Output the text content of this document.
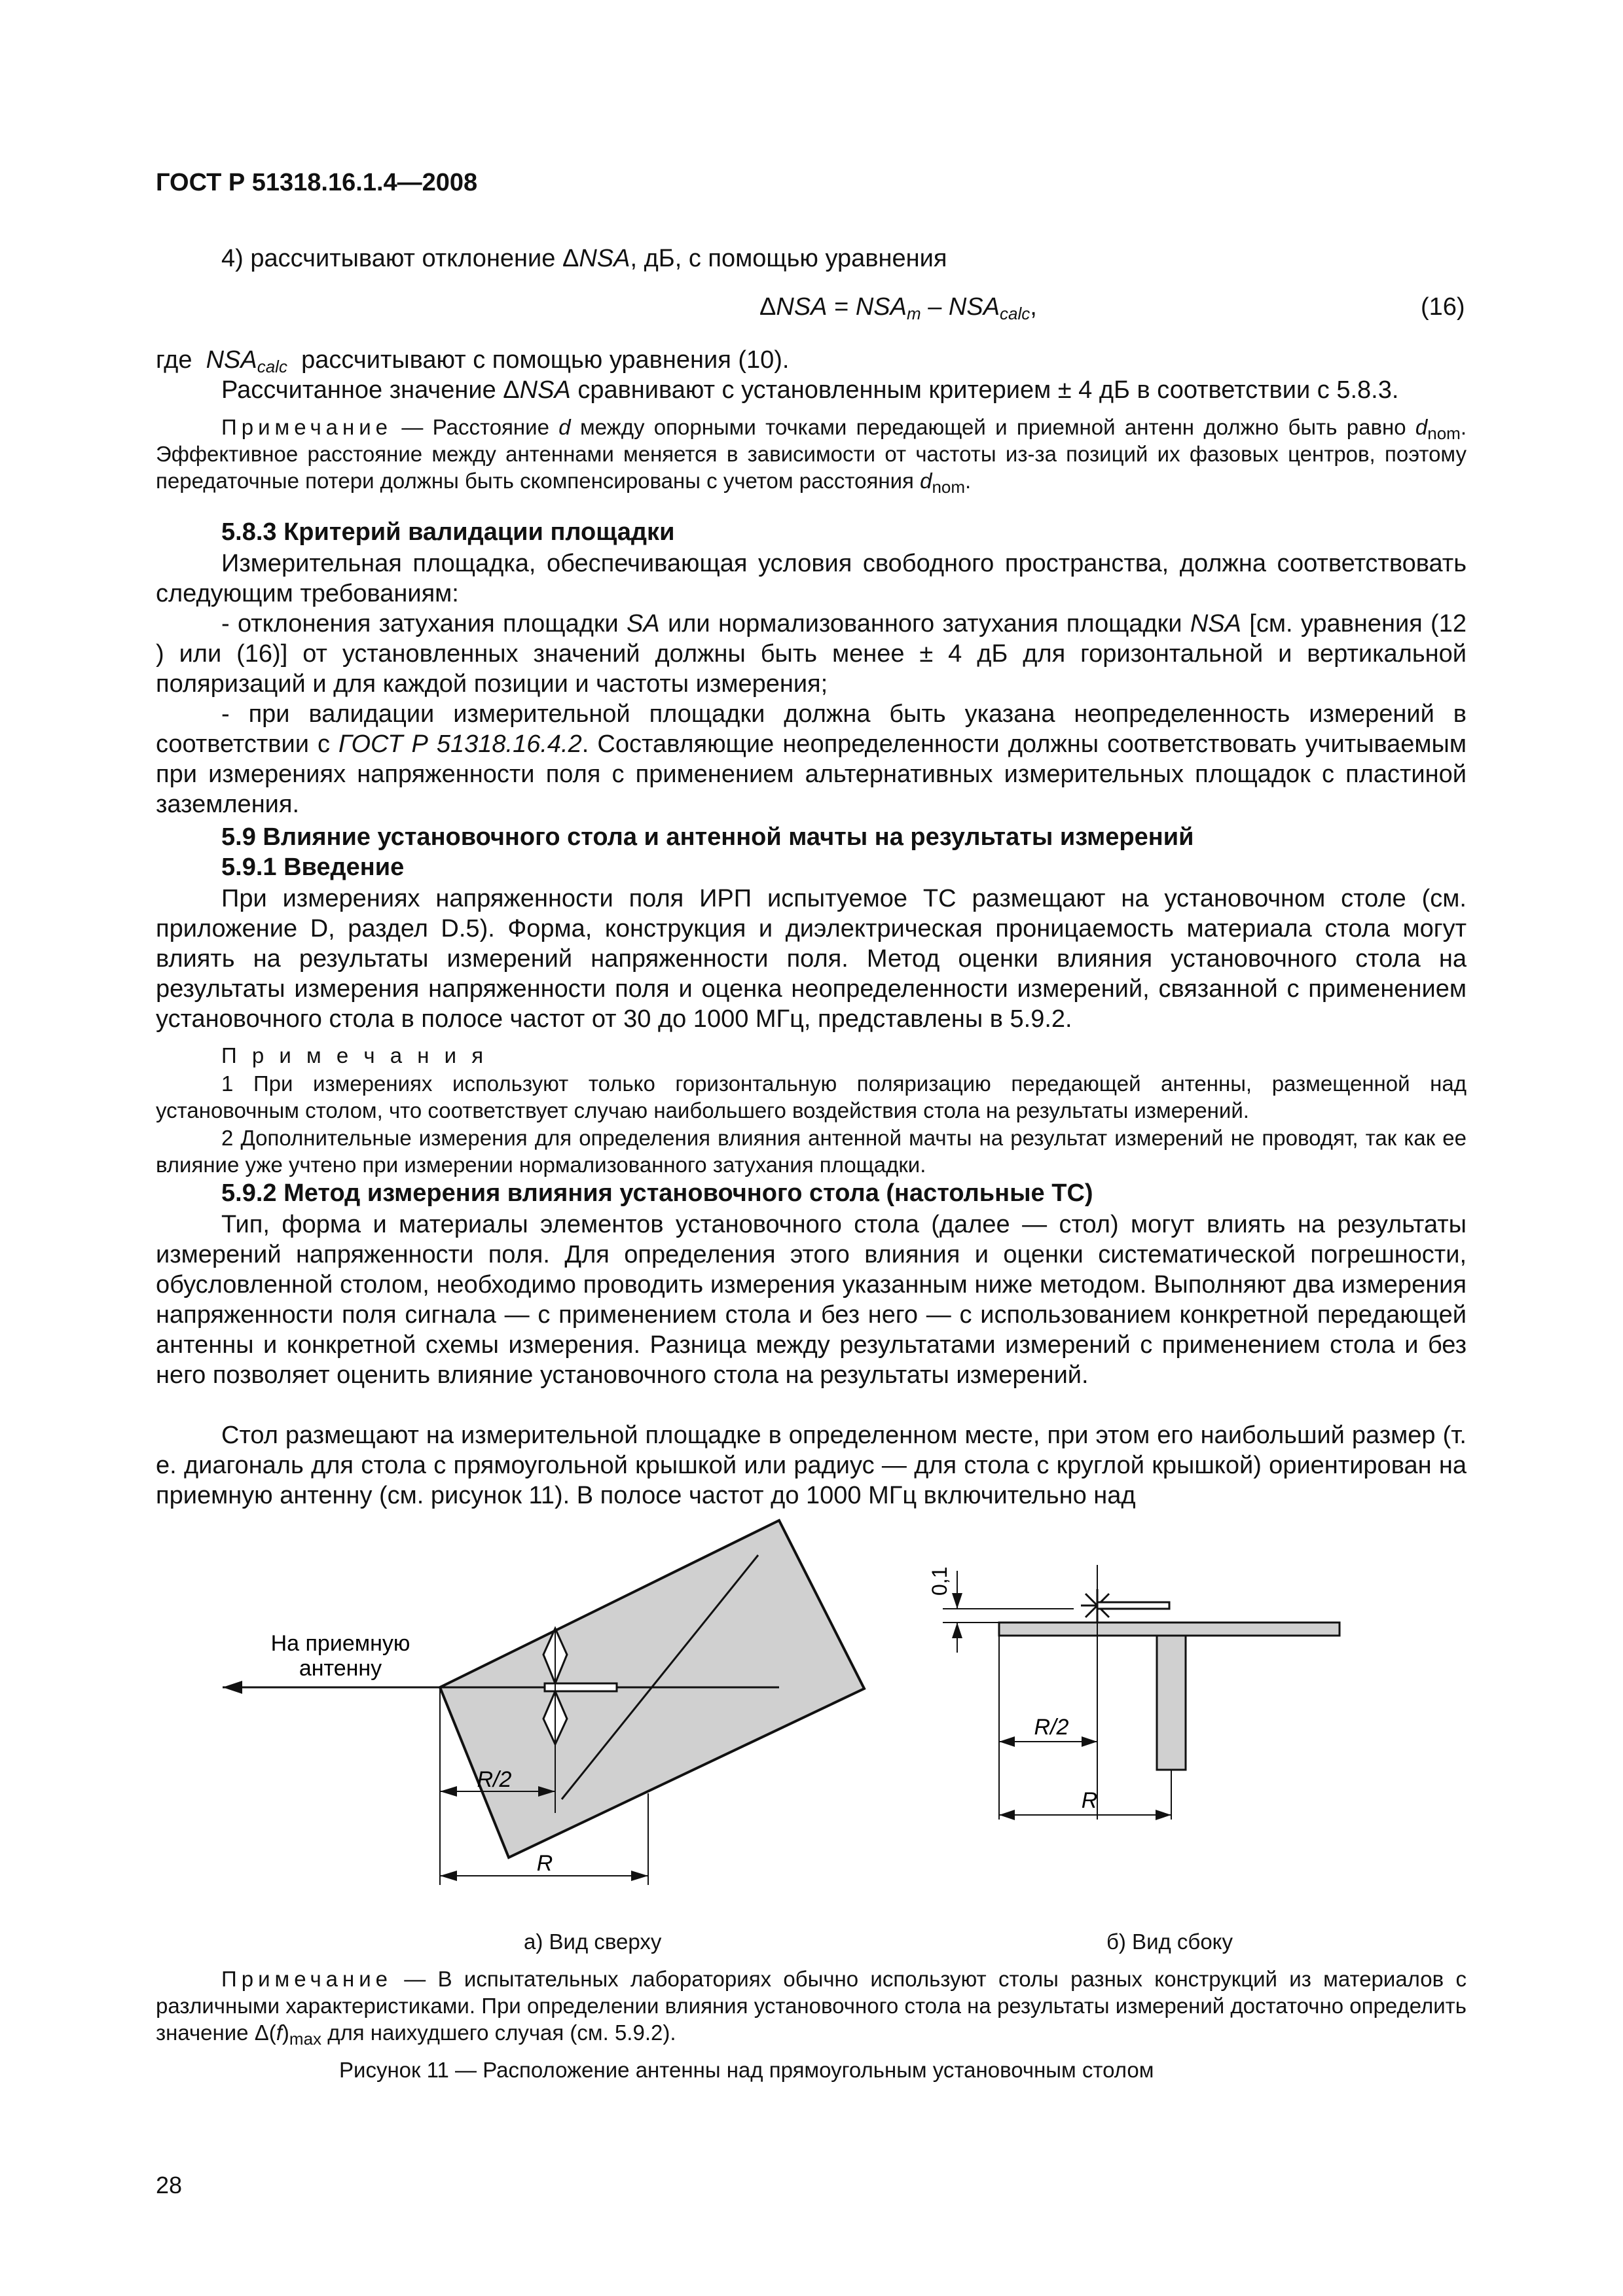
ГОСТ Р 51318.16.1.4—2008
4) рассчитывают отклонение ΔNSA, дБ, с помощью уравнения
$\Delta NSA = NSA_m - NSA_{calc}$,	(16)
где  $NSA_{calc}$  рассчитывают с помощью уравнения (10).
Рассчитанное значение ΔNSA сравнивают с установленным критерием ± 4 дБ в соответствии с 5.8.3.
Примечание — Расстояние d между опорными точками передающей и приемной антенн должно быть равно $d_{nom}$. Эффективное расстояние между антеннами меняется в зависимости от частоты из-за позиций их фазовых центров, поэтому передаточные потери должны быть скомпенсированы с учетом расстояния $d_{nom}$.
5.8.3 Критерий валидации площадки
Измерительная площадка, обеспечивающая условия свободного пространства, должна соответствовать следующим требованиям:
- отклонения затухания площадки SA или нормализованного затухания площадки NSA [см. уравнения (12 ) или (16)] от установленных значений должны быть менее ± 4 дБ для горизонтальной и вертикальной поляризаций и для каждой позиции и частоты измерения;
- при валидации измерительной площадки должна быть указана неопределенность измерений в соответствии с ГОСТ Р 51318.16.4.2. Составляющие неопределенности должны соответствовать учитываемым при измерениях напряженности поля с применением альтернативных измерительных площадок с пластиной заземления.
5.9 Влияние установочного стола и антенной мачты на результаты измерений
5.9.1 Введение
При измерениях напряженности поля ИРП испытуемое ТС размещают на установочном столе (см. приложение D, раздел D.5). Форма, конструкция и диэлектрическая проницаемость материала стола могут влиять на результаты измерений напряженности поля. Метод оценки влияния установочного стола на результаты измерения напряженности поля и оценка неопределенности измерений, связанной с применением установочного стола в полосе частот от 30 до 1000 МГц, представлены в 5.9.2.
П р и м е ч а н и я
1 При измерениях используют только горизонтальную поляризацию передающей антенны, размещенной над установочным столом, что соответствует случаю наибольшего воздействия стола на результаты измерений.
2 Дополнительные измерения для определения влияния антенной мачты на результат измерений не проводят, так как ее влияние уже учтено при измерении нормализованного затухания площадки.
5.9.2 Метод измерения влияния установочного стола (настольные ТС)
Тип, форма и материалы элементов установочного стола (далее — стол) могут влиять на результаты измерений напряженности поля. Для определения этого влияния и оценки систематической погрешности, обусловленной столом, необходимо проводить измерения указанным ниже методом. Выполняют два измерения напряженности поля сигнала — с применением стола и без него — с использованием конкретной передающей антенны и конкретной схемы измерения. Разница между результатами измерений с применением стола и без него позволяет оценить влияние установочного стола на результаты измерений.
Стол размещают на измерительной площадке в определенном месте, при этом его наибольший размер (т. е. диагональ для стола с прямоугольной крышкой или радиус — для стола с круглой крышкой) ориентирован на приемную антенну (см. рисунок 11). В полосе частот до 1000 МГц включительно над
На приемную
антенну
R/2
R
0,1
R/2
R
а) Вид сверху	б) Вид сбоку
Примечание — В испытательных лабораториях обычно используют столы разных конструкций из материалов с различными характеристиками. При определении влияния установочного стола на результаты измерений достаточно определить значение $\Delta(f)_{max}$ для наихудшего случая (см. 5.9.2).
Рисунок 11 — Расположение антенны над прямоугольным установочным столом
28
